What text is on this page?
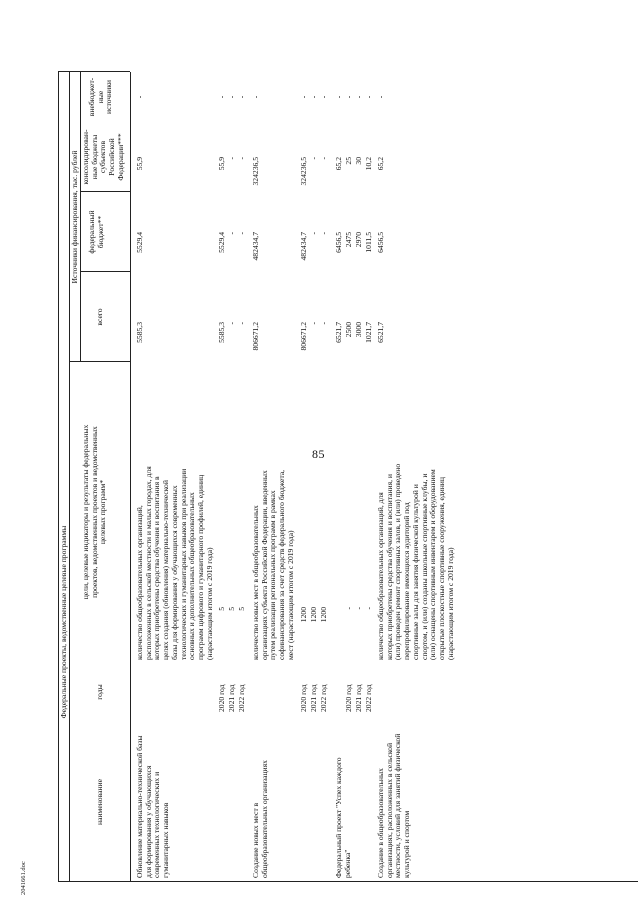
85
2041661.doc
Федеральные проекты, ведомственные целевые программы
Источники финансирования, тыс. рублей
наименование
годы
цели, целевые индикаторы и результаты федеральных
проектов, ведомственных проектов и ведомственных
целевых программ*
всего
федеральный
бюджет**
консолидирован-
ные бюджеты
субъектов
Российской
Федерации***
внебюджет-
ные
источники
Обновление материально-технической базы
для формирования у обучающихся
современных технологических и
гуманитарных навыков
количество общеобразовательных организаций,
расположенных в сельской местности и малых городах, для
которых приобретены средства обучения и воспитания в
целях создания (обновления) материально-технической
базы для формирования у обучающихся современных
технологических и гуманитарных навыков при реализации
основных и дополнительных общеобразовательных
программ цифрового и гуманитарного профилей, единиц
(нарастающим итогом с 2019 года)
5585,3
5529,4
55,9
-
2020 год
5
5585,3
5529,4
55,9
-
2021 год
5
-
-
-
-
2022 год
5
-
-
-
-
Создание новых мест в
общеобразовательных организациях
количество новых мест в общеобразовательных
организациях субъекта Российской Федерации, введенных
путем реализации региональных программ в рамках
софинансирования за счет средств федерального бюджета,
мест (нарастающим итогом с 2019 года)
806671,2
482434,7
324236,5
-
2020 год
1200
806671,2
482434,7
324236,5
-
2021 год
1200
-
-
-
-
2022 год
1200
-
-
-
-
Федеральный проект "Успех каждого
ребенка"
6521,7
6456,5
65,2
-
2020 год
-
2500
2475
25
-
2021 год
-
3000
2970
30
-
2022 год
-
1021,7
1011,5
10,2
-
Создание в общеобразовательных
организациях, расположенных в сельской
местности, условий для занятий физической
культурой и спортом
количество общеобразовательных организаций, для
которых приобретены средства обучения и воспитания, и
(или) проведен ремонт спортивных залов, и (или) проведено
перепрофилирование имеющихся аудиторий под
спортивные залы для занятия физической культурой и
спортом, и (или) созданы школьные спортивные клубы, и
(или) оснащены спортивным инвентарем и оборудованием
открытые плоскостные спортивные сооружения, единиц
(нарастающим итогом с 2019 года)
6521,7
6456,5
65,2
-
